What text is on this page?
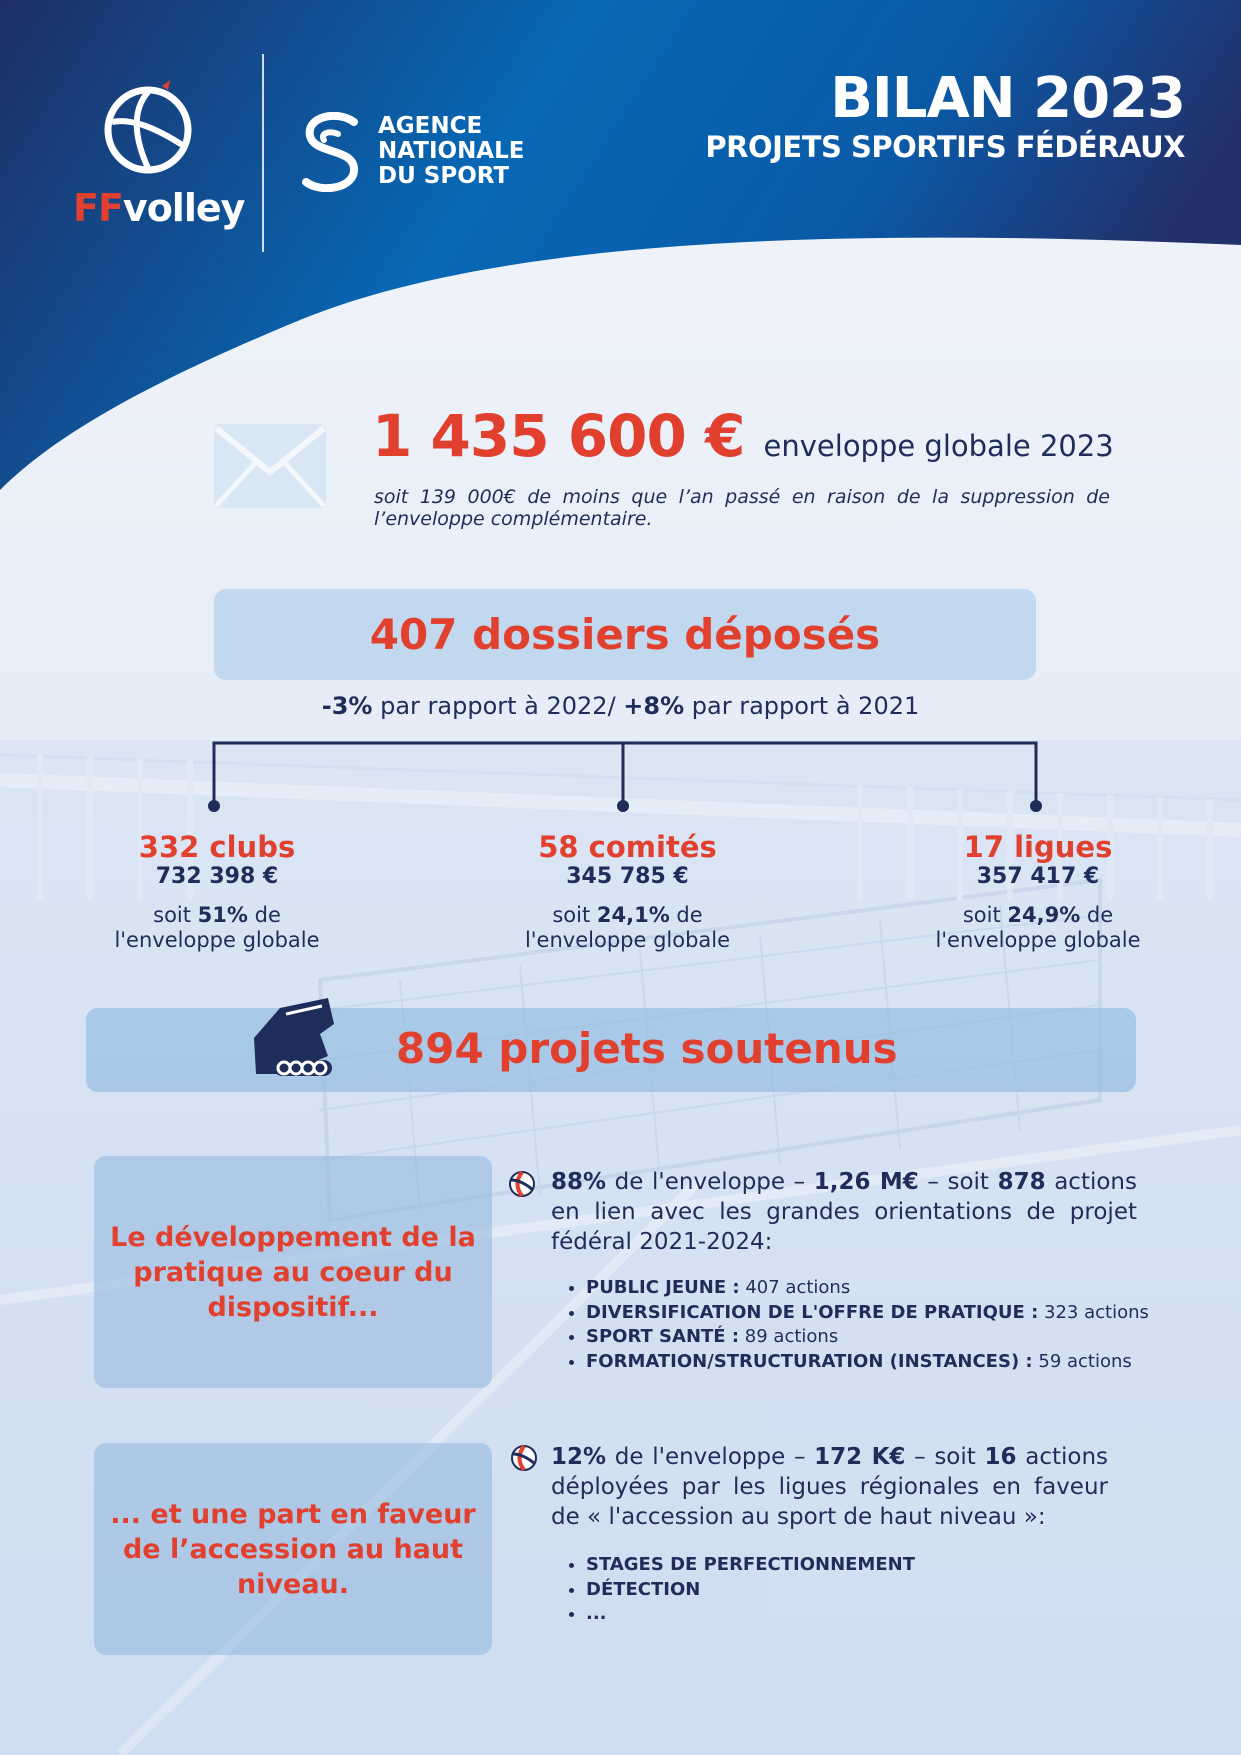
FFvolley
AGENCE
NATIONALE
DU SPORT
BILAN 2023
PROJETS SPORTIFS FÉDÉRAUX
1 435 600 € enveloppe globale 2023
soit 139 000€ de moins que l’an passé en raison de la suppression de l’enveloppe complémentaire.
407 dossiers déposés
-3% par rapport à 2022/ +8% par rapport à 2021
332 clubs
732 398 €
soit 51% de
l'enveloppe globale
58 comités
345 785 €
soit 24,1% de
l'enveloppe globale
17 ligues
357 417 €
soit 24,9% de
l'enveloppe globale
894 projets soutenus
Le développement de la pratique au coeur du dispositif...
88% de l'enveloppe – 1,26 M€ – soit 878 actions en lien avec les grandes orientations de projet fédéral 2021-2024:
• PUBLIC JEUNE : 407 actions
• DIVERSIFICATION DE L'OFFRE DE PRATIQUE : 323 actions
• SPORT SANTÉ : 89 actions
• FORMATION/STRUCTURATION (INSTANCES) : 59 actions
... et une part en faveur de l’accession au haut niveau.
12% de l'enveloppe – 172 K€ – soit 16 actions déployées par les ligues régionales en faveur de « l'accession au sport de haut niveau »:
• STAGES DE PERFECTIONNEMENT
• DÉTECTION
• ...
